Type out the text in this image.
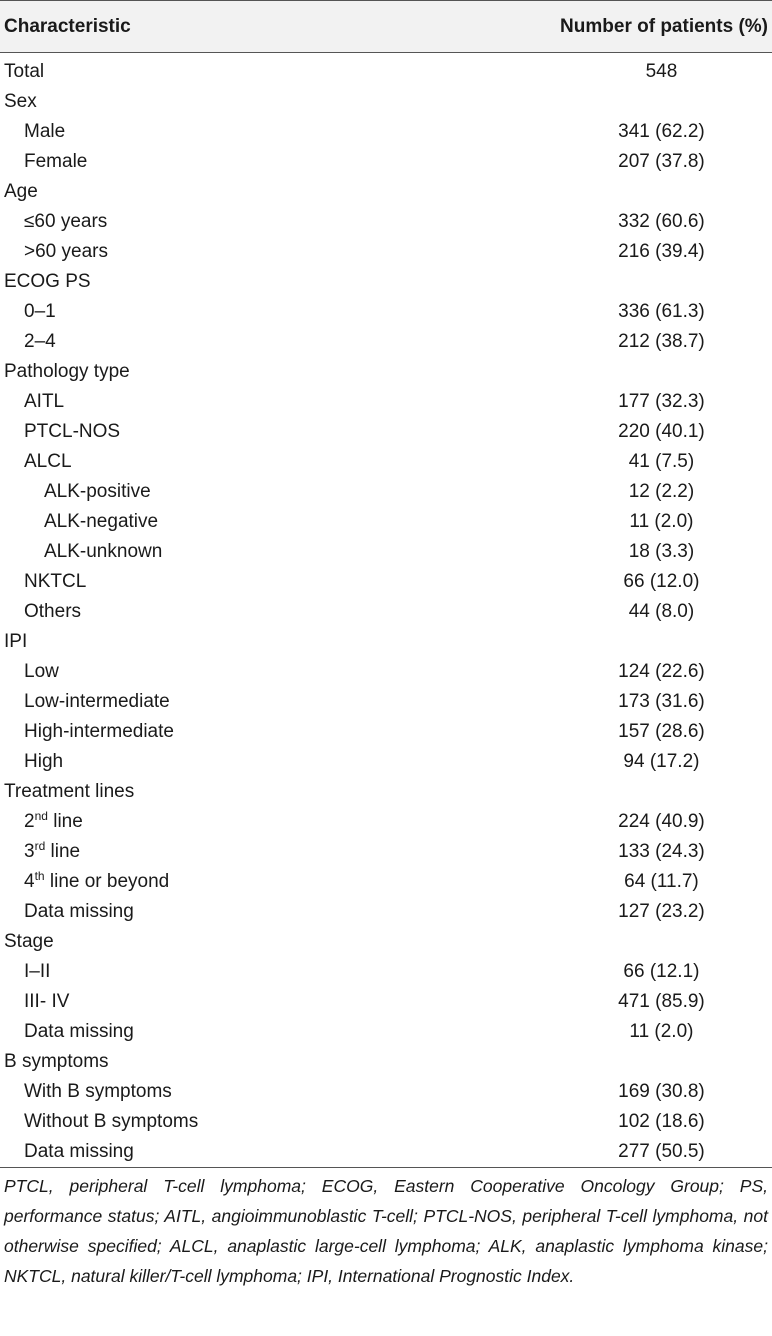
Characteristic	Number of patients (%)
Total	548
Sex	
Male	341 (62.2)
Female	207 (37.8)
Age	
≤60 years	332 (60.6)
>60 years	216 (39.4)
ECOG PS	
0–1	336 (61.3)
2–4	212 (38.7)
Pathology type	
AITL	177 (32.3)
PTCL-NOS	220 (40.1)
ALCL	41 (7.5)
ALK-positive	12 (2.2)
ALK-negative	11 (2.0)
ALK-unknown	18 (3.3)
NKTCL	66 (12.0)
Others	44 (8.0)
IPI	
Low	124 (22.6)
Low-intermediate	173 (31.6)
High-intermediate	157 (28.6)
High	94 (17.2)
Treatment lines	
2nd line	224 (40.9)
3rd line	133 (24.3)
4th line or beyond	64 (11.7)
Data missing	127 (23.2)
Stage	
I–II	66 (12.1)
III- IV	471 (85.9)
Data missing	11 (2.0)
B symptoms	
With B symptoms	169 (30.8)
Without B symptoms	102 (18.6)
Data missing	277 (50.5)
PTCL, peripheral T-cell lymphoma; ECOG, Eastern Cooperative Oncology Group; PS, performance status; AITL, angioimmunoblastic T-cell; PTCL-NOS, peripheral T-cell lymphoma, not otherwise specified; ALCL, anaplastic large-cell lymphoma; ALK, anaplastic lymphoma kinase; NKTCL, natural killer/T-cell lymphoma; IPI, International Prognostic Index.
